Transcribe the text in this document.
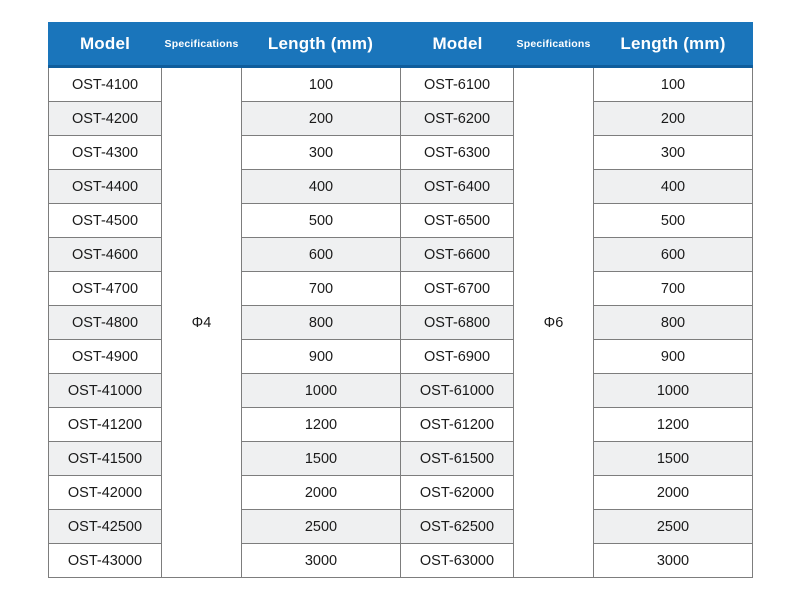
Model	Specifications	Length (mm)	Model	Specifications	Length (mm)
OST-4100	Φ4	100	OST-6100	Φ6	100
OST-4200		200	OST-6200		200
OST-4300		300	OST-6300		300
OST-4400		400	OST-6400		400
OST-4500		500	OST-6500		500
OST-4600		600	OST-6600		600
OST-4700		700	OST-6700		700
OST-4800		800	OST-6800		800
OST-4900		900	OST-6900		900
OST-41000		1000	OST-61000		1000
OST-41200		1200	OST-61200		1200
OST-41500		1500	OST-61500		1500
OST-42000		2000	OST-62000		2000
OST-42500		2500	OST-62500		2500
OST-43000		3000	OST-63000		3000
